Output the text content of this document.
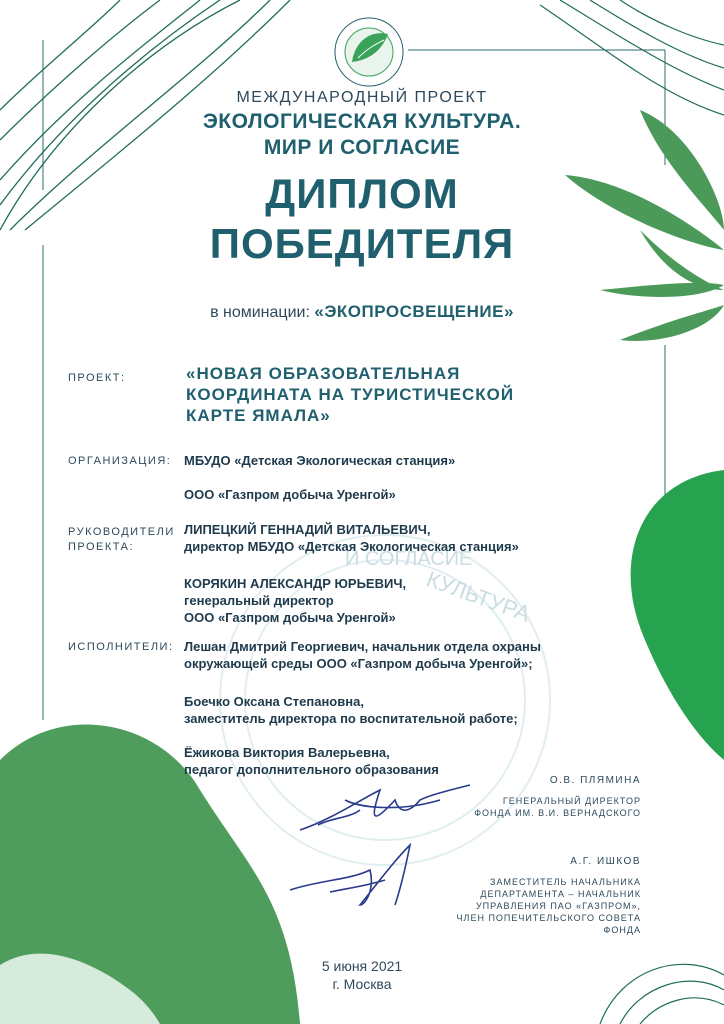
КУЛЬТУРА
И СОГЛАСИЕ
МЕЖДУНАРОДНЫЙ ПРОЕКТ
ЭКОЛОГИЧЕСКАЯ КУЛЬТУРА.
МИР И СОГЛАСИЕ
ДИПЛОМ
ПОБЕДИТЕЛЯ
в номинации: «ЭКОПРОСВЕЩЕНИЕ»
ПРОЕКТ:	«НОВАЯ ОБРАЗОВАТЕЛЬНАЯ
КООРДИНАТА НА ТУРИСТИЧЕСКОЙ
КАРТЕ ЯМАЛА»
ОРГАНИЗАЦИЯ: МБУДО «Детская Экологическая станция»
ООО «Газпром добыча Уренгой»
РУКОВОДИТЕЛИ
ПРОЕКТА:
ЛИПЕЦКИЙ ГЕННАДИЙ ВИТАЛЬЕВИЧ,
директор МБУДО «Детская Экологическая станция»
КОРЯКИН АЛЕКСАНДР ЮРЬЕВИЧ,
генеральный директор
ООО «Газпром добыча Уренгой»
ИСПОЛНИТЕЛИ: Лешан Дмитрий Георгиевич, начальник отдела охраны
окружающей среды ООО «Газпром добыча Уренгой»;
Боечко Оксана Степановна,
заместитель директора по воспитательной работе;
Ёжикова Виктория Валерьевна,
педагог дополнительного образования
О.В. ПЛЯМИНА
ГЕНЕРАЛЬНЫЙ ДИРЕКТОР
ФОНДА ИМ. В.И. ВЕРНАДСКОГО
А.Г. ИШКОВ
ЗАМЕСТИТЕЛЬ НАЧАЛЬНИКА
ДЕПАРТАМЕНТА – НАЧАЛЬНИК
УПРАВЛЕНИЯ ПАО «ГАЗПРОМ»,
ЧЛЕН ПОПЕЧИТЕЛЬСКОГО СОВЕТА
ФОНДА
5 июня 2021
г. Москва
